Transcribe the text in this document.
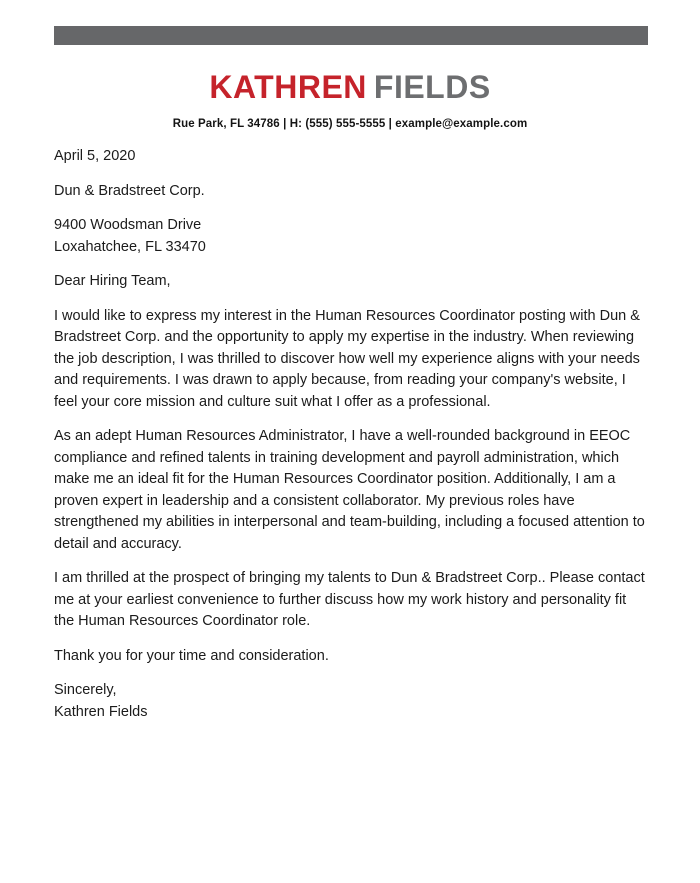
KATHREN FIELDS
Rue Park, FL 34786 | H: (555) 555-5555 | example@example.com

April 5, 2020

Dun & Bradstreet Corp.

9400 Woodsman Drive
Loxahatchee, FL 33470

Dear Hiring Team,

I would like to express my interest in the Human Resources Coordinator posting with Dun & Bradstreet Corp. and the opportunity to apply my expertise in the industry. When reviewing the job description, I was thrilled to discover how well my experience aligns with your needs and requirements. I was drawn to apply because, from reading your company's website, I feel your core mission and culture suit what I offer as a professional.

As an adept Human Resources Administrator, I have a well-rounded background in EEOC compliance and refined talents in training development and payroll administration, which make me an ideal fit for the Human Resources Coordinator position. Additionally, I am a proven expert in leadership and a consistent collaborator. My previous roles have strengthened my abilities in interpersonal and team-building, including a focused attention to detail and accuracy.

I am thrilled at the prospect of bringing my talents to Dun & Bradstreet Corp.. Please contact me at your earliest convenience to further discuss how my work history and personality fit the Human Resources Coordinator role.

Thank you for your time and consideration.

Sincerely,
Kathren Fields
